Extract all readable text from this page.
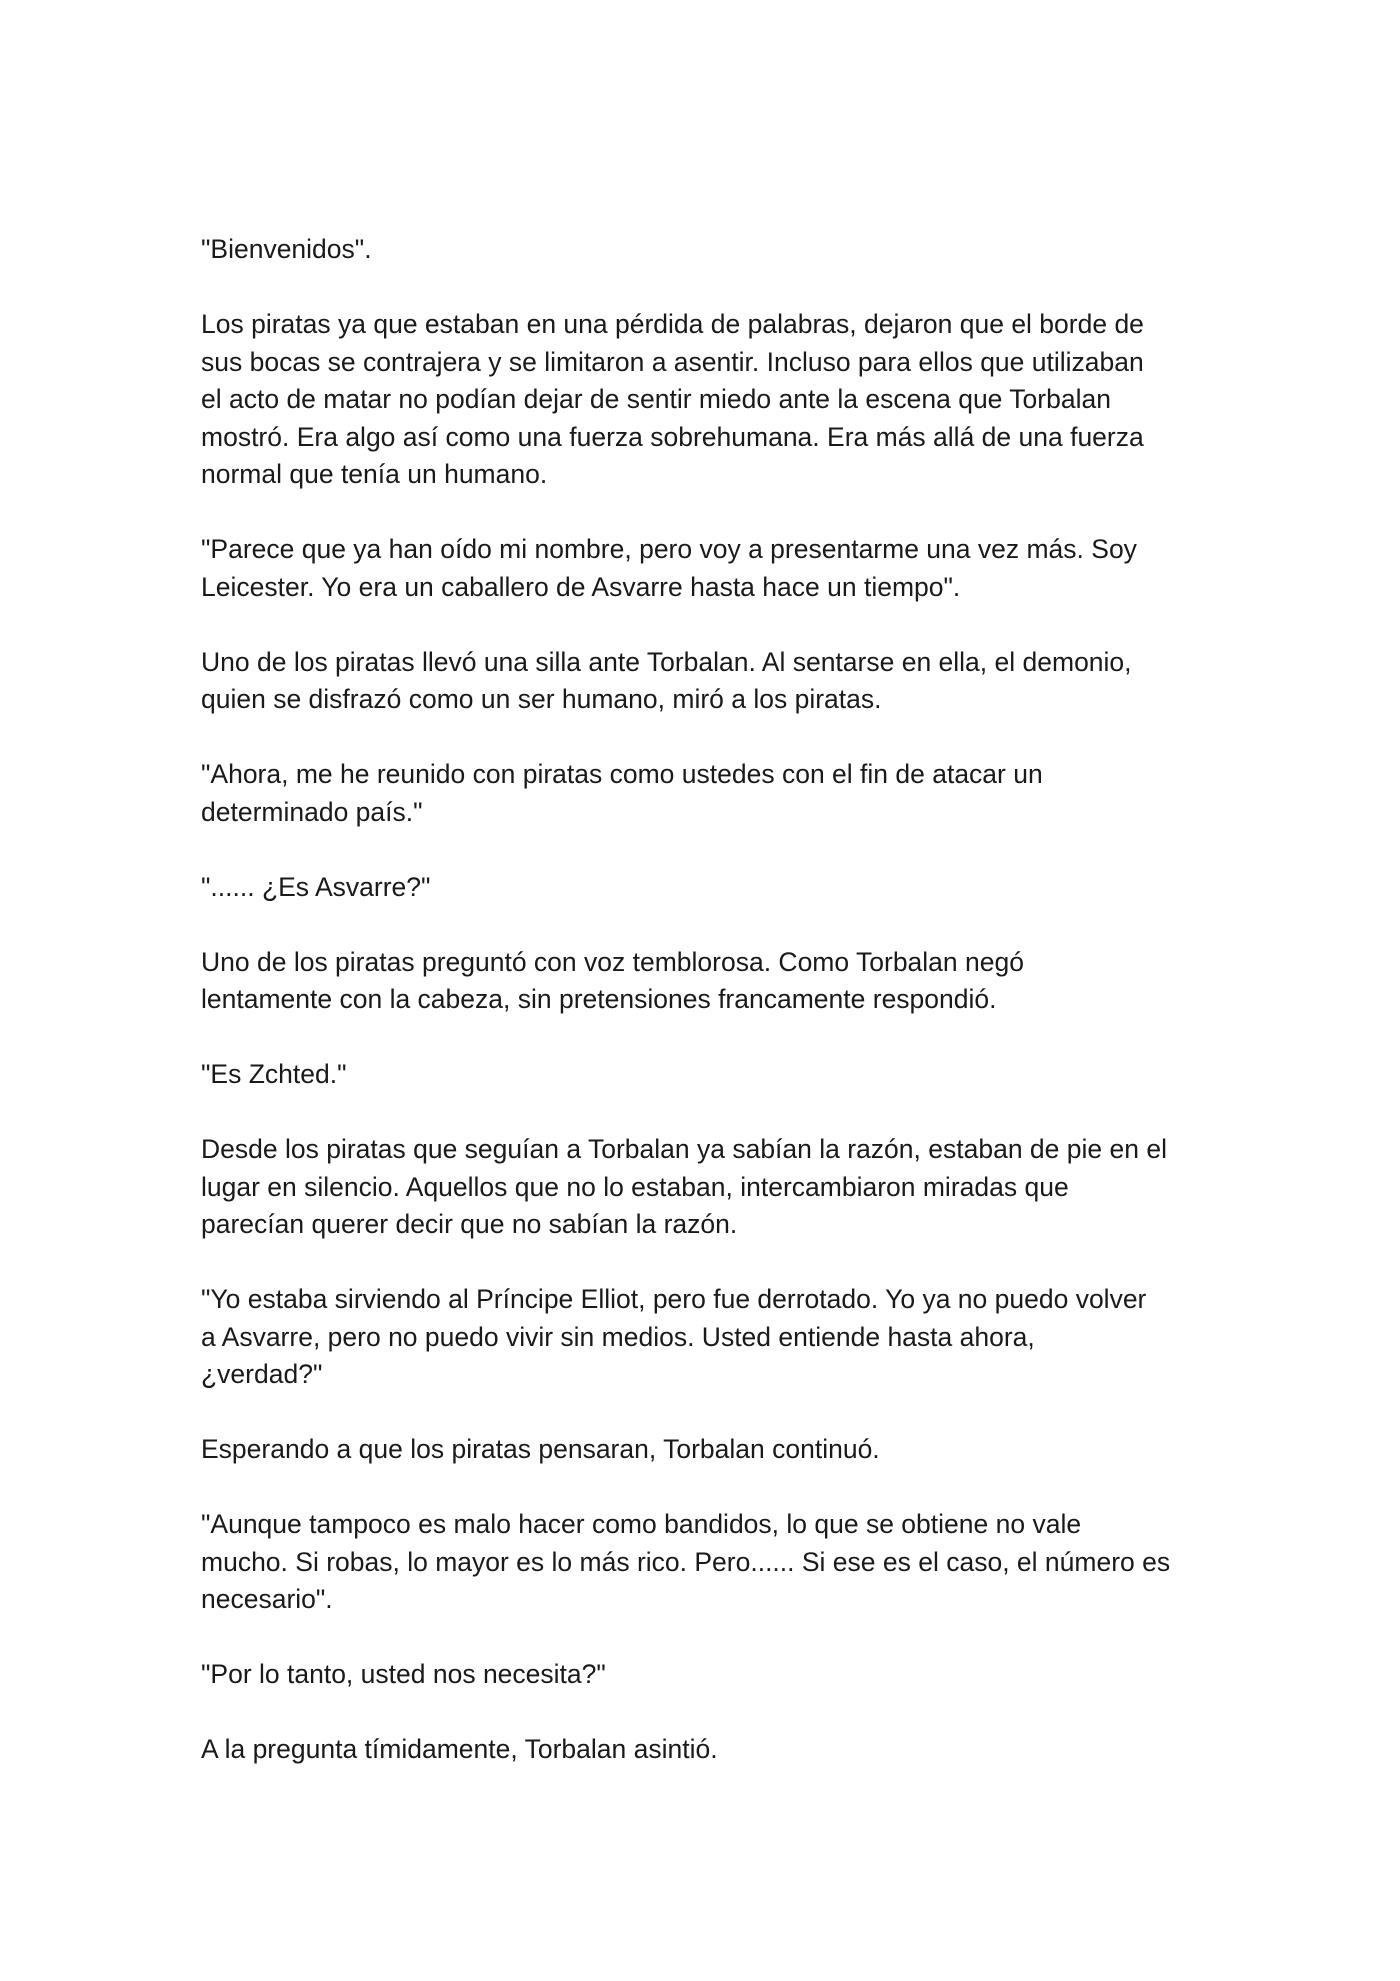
"Bienvenidos".

Los piratas ya que estaban en una pérdida de palabras, dejaron que el borde de
sus bocas se contrajera y se limitaron a asentir. Incluso para ellos que utilizaban
el acto de matar no podían dejar de sentir miedo ante la escena que Torbalan
mostró. Era algo así como una fuerza sobrehumana. Era más allá de una fuerza
normal que tenía un humano.

"Parece que ya han oído mi nombre, pero voy a presentarme una vez más. Soy
Leicester. Yo era un caballero de Asvarre hasta hace un tiempo".

Uno de los piratas llevó una silla ante Torbalan. Al sentarse en ella, el demonio,
quien se disfrazó como un ser humano, miró a los piratas.

"Ahora, me he reunido con piratas como ustedes con el fin de atacar un
determinado país."

"...... ¿Es Asvarre?"

Uno de los piratas preguntó con voz temblorosa. Como Torbalan negó
lentamente con la cabeza, sin pretensiones francamente respondió.

"Es Zchted."

Desde los piratas que seguían a Torbalan ya sabían la razón, estaban de pie en el
lugar en silencio. Aquellos que no lo estaban, intercambiaron miradas que
parecían querer decir que no sabían la razón.

"Yo estaba sirviendo al Príncipe Elliot, pero fue derrotado. Yo ya no puedo volver
a Asvarre, pero no puedo vivir sin medios. Usted entiende hasta ahora,
¿verdad?"

Esperando a que los piratas pensaran, Torbalan continuó.

"Aunque tampoco es malo hacer como bandidos, lo que se obtiene no vale
mucho. Si robas, lo mayor es lo más rico. Pero...... Si ese es el caso, el número es
necesario".

"Por lo tanto, usted nos necesita?"

A la pregunta tímidamente, Torbalan asintió.
